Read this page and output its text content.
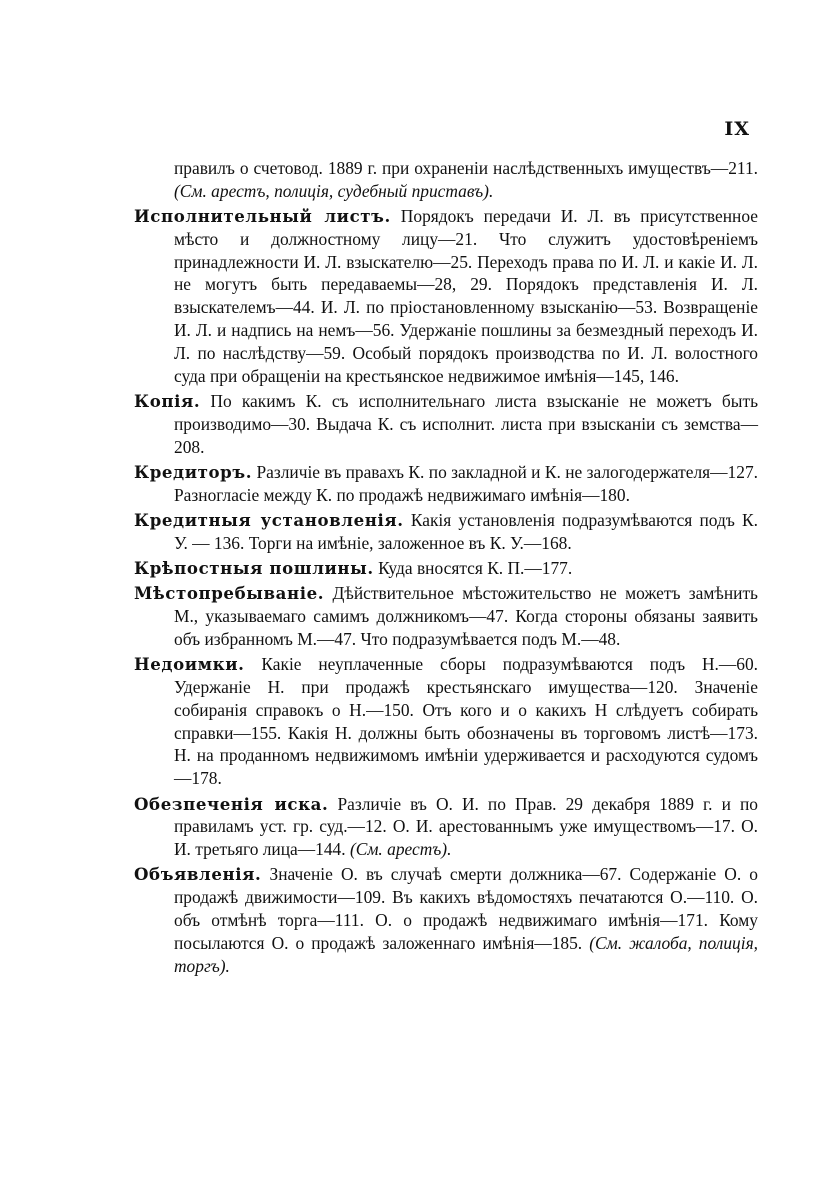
IX

правилъ о счетовод. 1889 г. при охраненіи наслѣдственныхъ имуществъ—211. (См. арестъ, полиція, судебный приставъ).

Исполнительный листъ. Порядокъ передачи И. Л. въ присутственное мѣсто и должностному лицу—21. Что служитъ удостовѣреніемъ принадлежности И. Л. взыскателю—25. Переходъ права по И. Л. и какіе И. Л. не могутъ быть передаваемы—28, 29. Порядокъ представленія И. Л. взыскателемъ—44. И. Л. по пріостановленному взысканію—53. Возвращеніе И. Л. и надпись на немъ—56. Удержаніе пошлины за безмездный переходъ И. Л. по наслѣдству—59. Особый порядокъ производства по И. Л. волостного суда при обращеніи на крестьянское недвижимое имѣнія—145, 146.

Копія. По какимъ К. съ исполнительнаго листа взысканіе не можетъ быть производимо—30. Выдача К. съ исполнит. листа при взысканіи съ земства—208.

Кредиторъ. Различіе въ правахъ К. по закладной и К. не залогодержателя—127. Разногласіе между К. по продажѣ недвижимаго имѣнія—180.

Кредитныя установленія. Какія установленія подразумѣваются подъ К. У. — 136. Торги на имѣніе, заложенное въ К. У.—168.

Крѣпостныя пошлины. Куда вносятся К. П.—177.

Мѣстопребываніе. Дѣйствительное мѣстожительство не можетъ замѣнить М., указываемаго самимъ должникомъ—47. Когда стороны обязаны заявить объ избранномъ М.—47. Что подразумѣвается подъ М.—48.

Недоимки. Какіе неуплаченные сборы подразумѣваются подъ Н.—60. Удержаніе Н. при продажѣ крестьянскаго имущества—120. Значеніе собиранія справокъ о Н.—150. Отъ кого и о какихъ Н слѣдуетъ собирать справки—155. Какія Н. должны быть обозначены въ торговомъ листѣ—173. Н. на проданномъ недвижимомъ имѣніи удерживается и расходуются судомъ—178.

Обезпеченія иска. Различіе въ О. И. по Прав. 29 декабря 1889 г. и по правиламъ уст. гр. суд.—12. О. И. арестованнымъ уже имуществомъ—17. О. И. третьяго лица—144. (См. арестъ).

Объявленія. Значеніе О. въ случаѣ смерти должника—67. Содержаніе О. о продажѣ движимости—109. Въ какихъ вѣдомостяхъ печатаются О.—110. О. объ отмѣнѣ торга—111. О. о продажѣ недвижимаго имѣнія—171. Кому посылаются О. о продажѣ заложеннаго имѣнія—185. (См. жалоба, полиція, торгъ).
